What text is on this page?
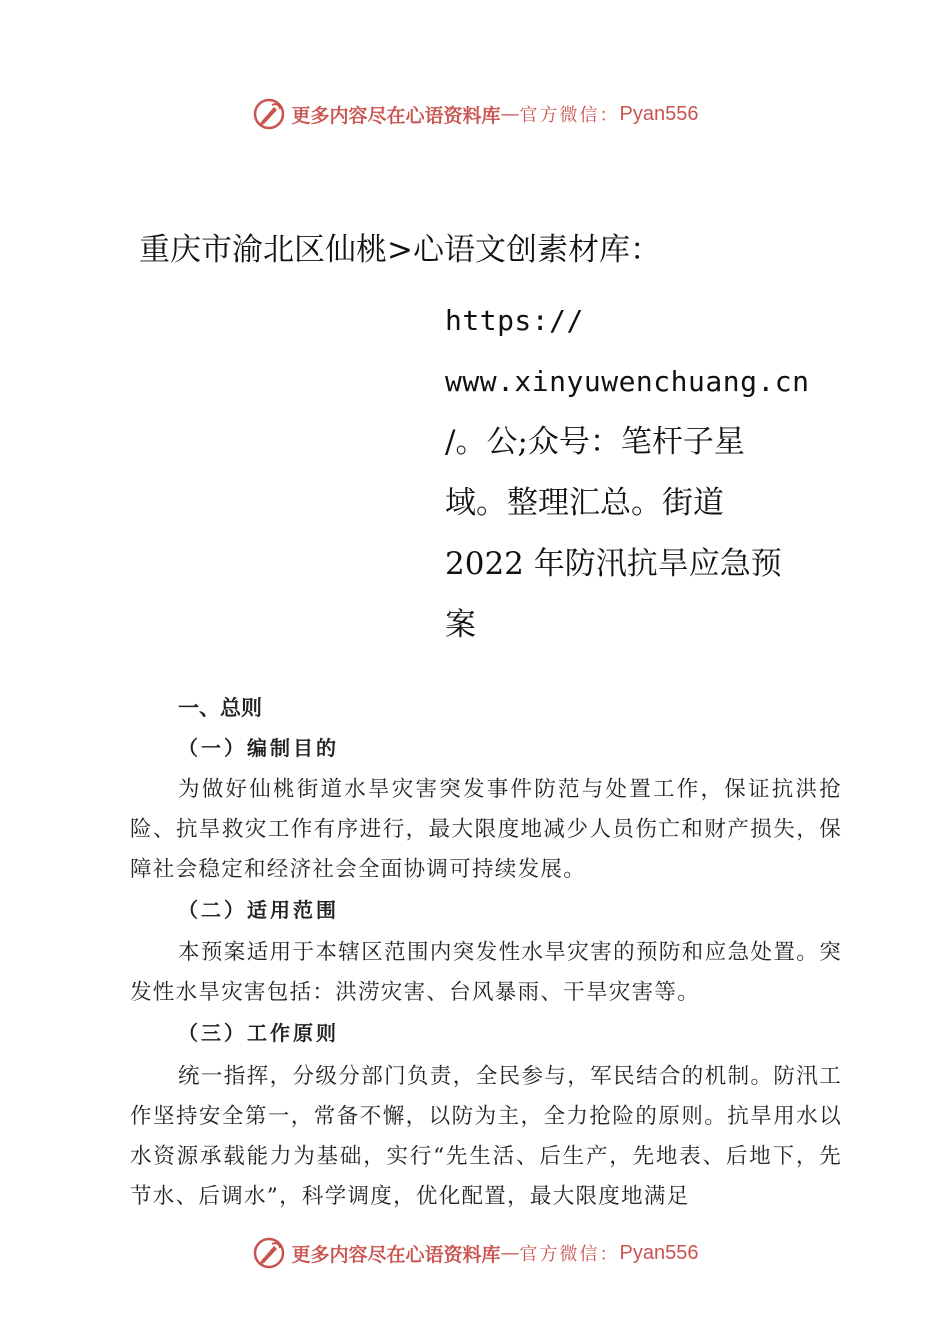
更多内容尽在心语资料库 — 官方微信： Pyan556
重庆市渝北区仙桃>心语文创素材库：
https://
www.xinyuwenchuang.cn
/。公;众号：笔杆子星
域。整理汇总。街道
2022 年防汛抗旱应急预
案
一、总则
（一）编制目的
为做好仙桃街道水旱灾害突发事件防范与处置工作，保证抗洪抢险、抗旱救灾工作有序进行，最大限度地减少人员伤亡和财产损失，保障社会稳定和经济社会全面协调可持续发展。
（二）适用范围
本预案适用于本辖区范围内突发性水旱灾害的预防和应急处置。突发性水旱灾害包括：洪涝灾害、台风暴雨、干旱灾害等。
（三）工作原则
统一指挥，分级分部门负责，全民参与，军民结合的机制。防汛工作坚持安全第一，常备不懈，以防为主，全力抢险的原则。抗旱用水以水资源承载能力为基础，实行“先生活、后生产，先地表、后地下，先节水、后调水”，科学调度，优化配置，最大限度地满足
更多内容尽在心语资料库 — 官方微信： Pyan556
